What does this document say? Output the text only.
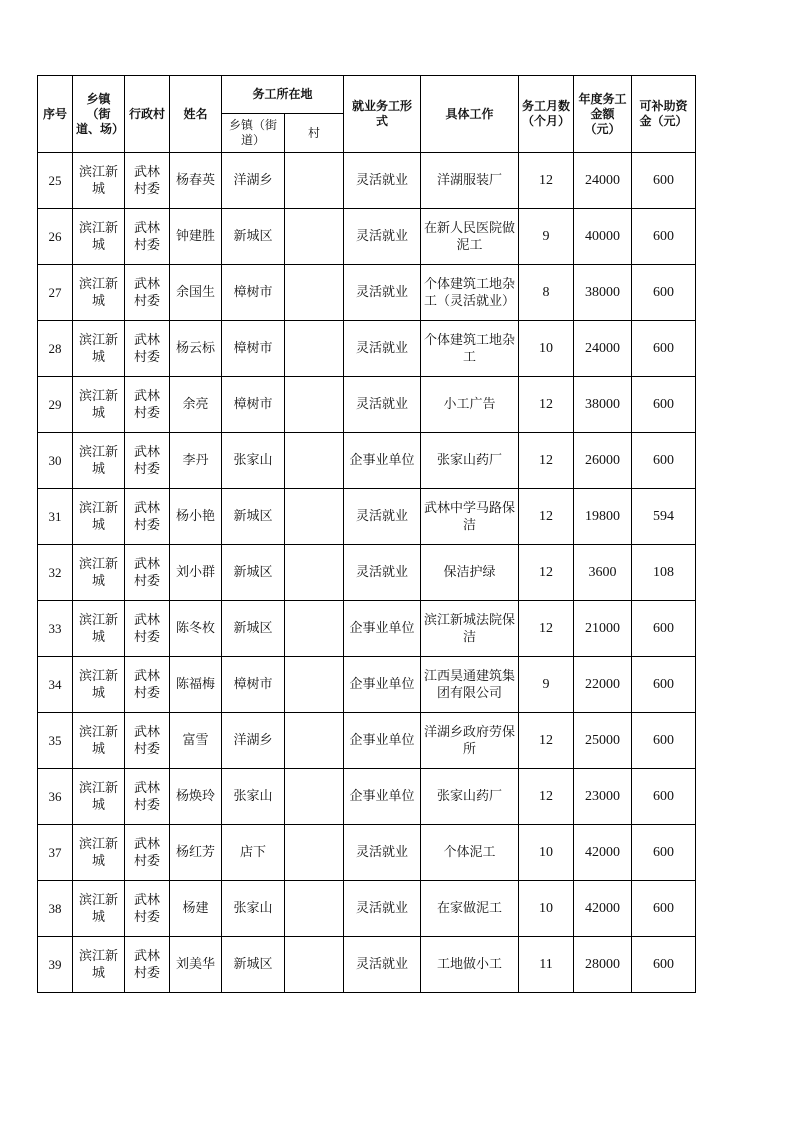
序号	乡镇（街道、场）	行政村	姓名	务工所在地		就业务工形式	具体工作	务工月数（个月）	年度务工金额（元）	可补助资金（元）
				乡镇（街道）	村					
25	滨江新城	武林村委	杨春英	洋湖乡		灵活就业	洋湖服装厂	12	24000	600
26	滨江新城	武林村委	钟建胜	新城区		灵活就业	在新人民医院做泥工	9	40000	600
27	滨江新城	武林村委	余国生	樟树市		灵活就业	个体建筑工地杂工（灵活就业）	8	38000	600
28	滨江新城	武林村委	杨云标	樟树市		灵活就业	个体建筑工地杂工	10	24000	600
29	滨江新城	武林村委	余亮	樟树市		灵活就业	小工广告	12	38000	600
30	滨江新城	武林村委	李丹	张家山		企事业单位	张家山药厂	12	26000	600
31	滨江新城	武林村委	杨小艳	新城区		灵活就业	武林中学马路保洁	12	19800	594
32	滨江新城	武林村委	刘小群	新城区		灵活就业	保洁护绿	12	3600	108
33	滨江新城	武林村委	陈冬枚	新城区		企事业单位	滨江新城法院保洁	12	21000	600
34	滨江新城	武林村委	陈福梅	樟树市		企事业单位	江西昊通建筑集团有限公司	9	22000	600
35	滨江新城	武林村委	富雪	洋湖乡		企事业单位	洋湖乡政府劳保所	12	25000	600
36	滨江新城	武林村委	杨焕玲	张家山		企事业单位	张家山药厂	12	23000	600
37	滨江新城	武林村委	杨红芳	店下		灵活就业	个体泥工	10	42000	600
38	滨江新城	武林村委	杨建	张家山		灵活就业	在家做泥工	10	42000	600
39	滨江新城	武林村委	刘美华	新城区		灵活就业	工地做小工	11	28000	600
